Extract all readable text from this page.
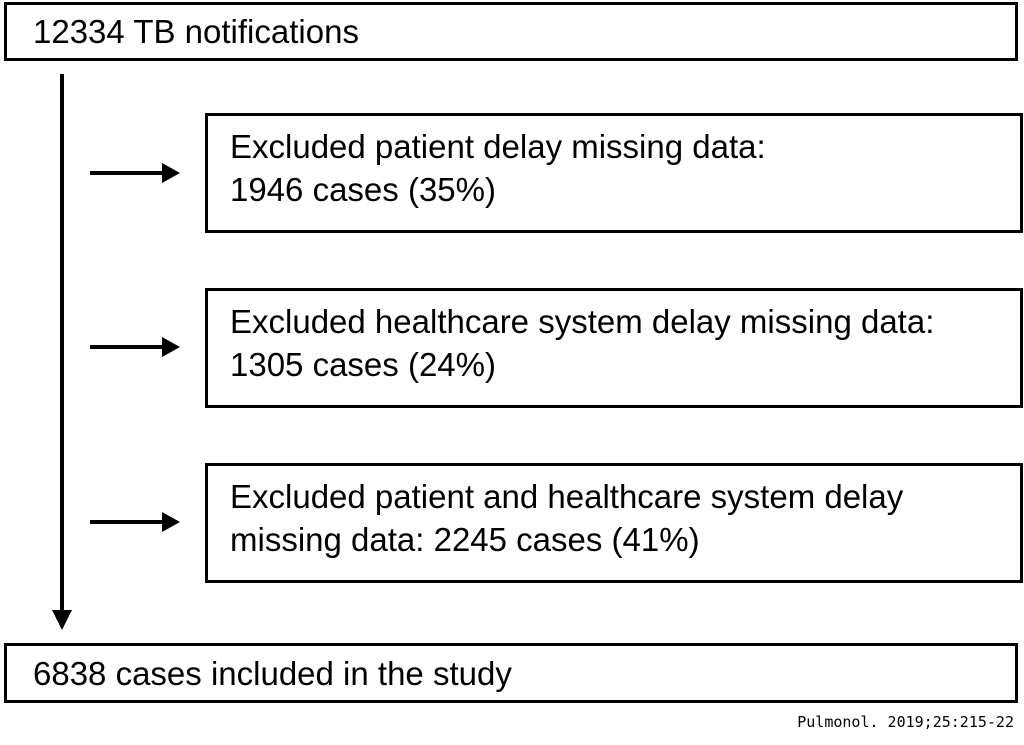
12334 TB notifications
Excluded patient delay missing data:
1946 cases (35%)
Excluded healthcare system delay missing data:
1305 cases (24%)
Excluded patient and healthcare system delay
missing data: 2245 cases (41%)
6838 cases included in the study
Pulmonol. 2019;25:215-22
